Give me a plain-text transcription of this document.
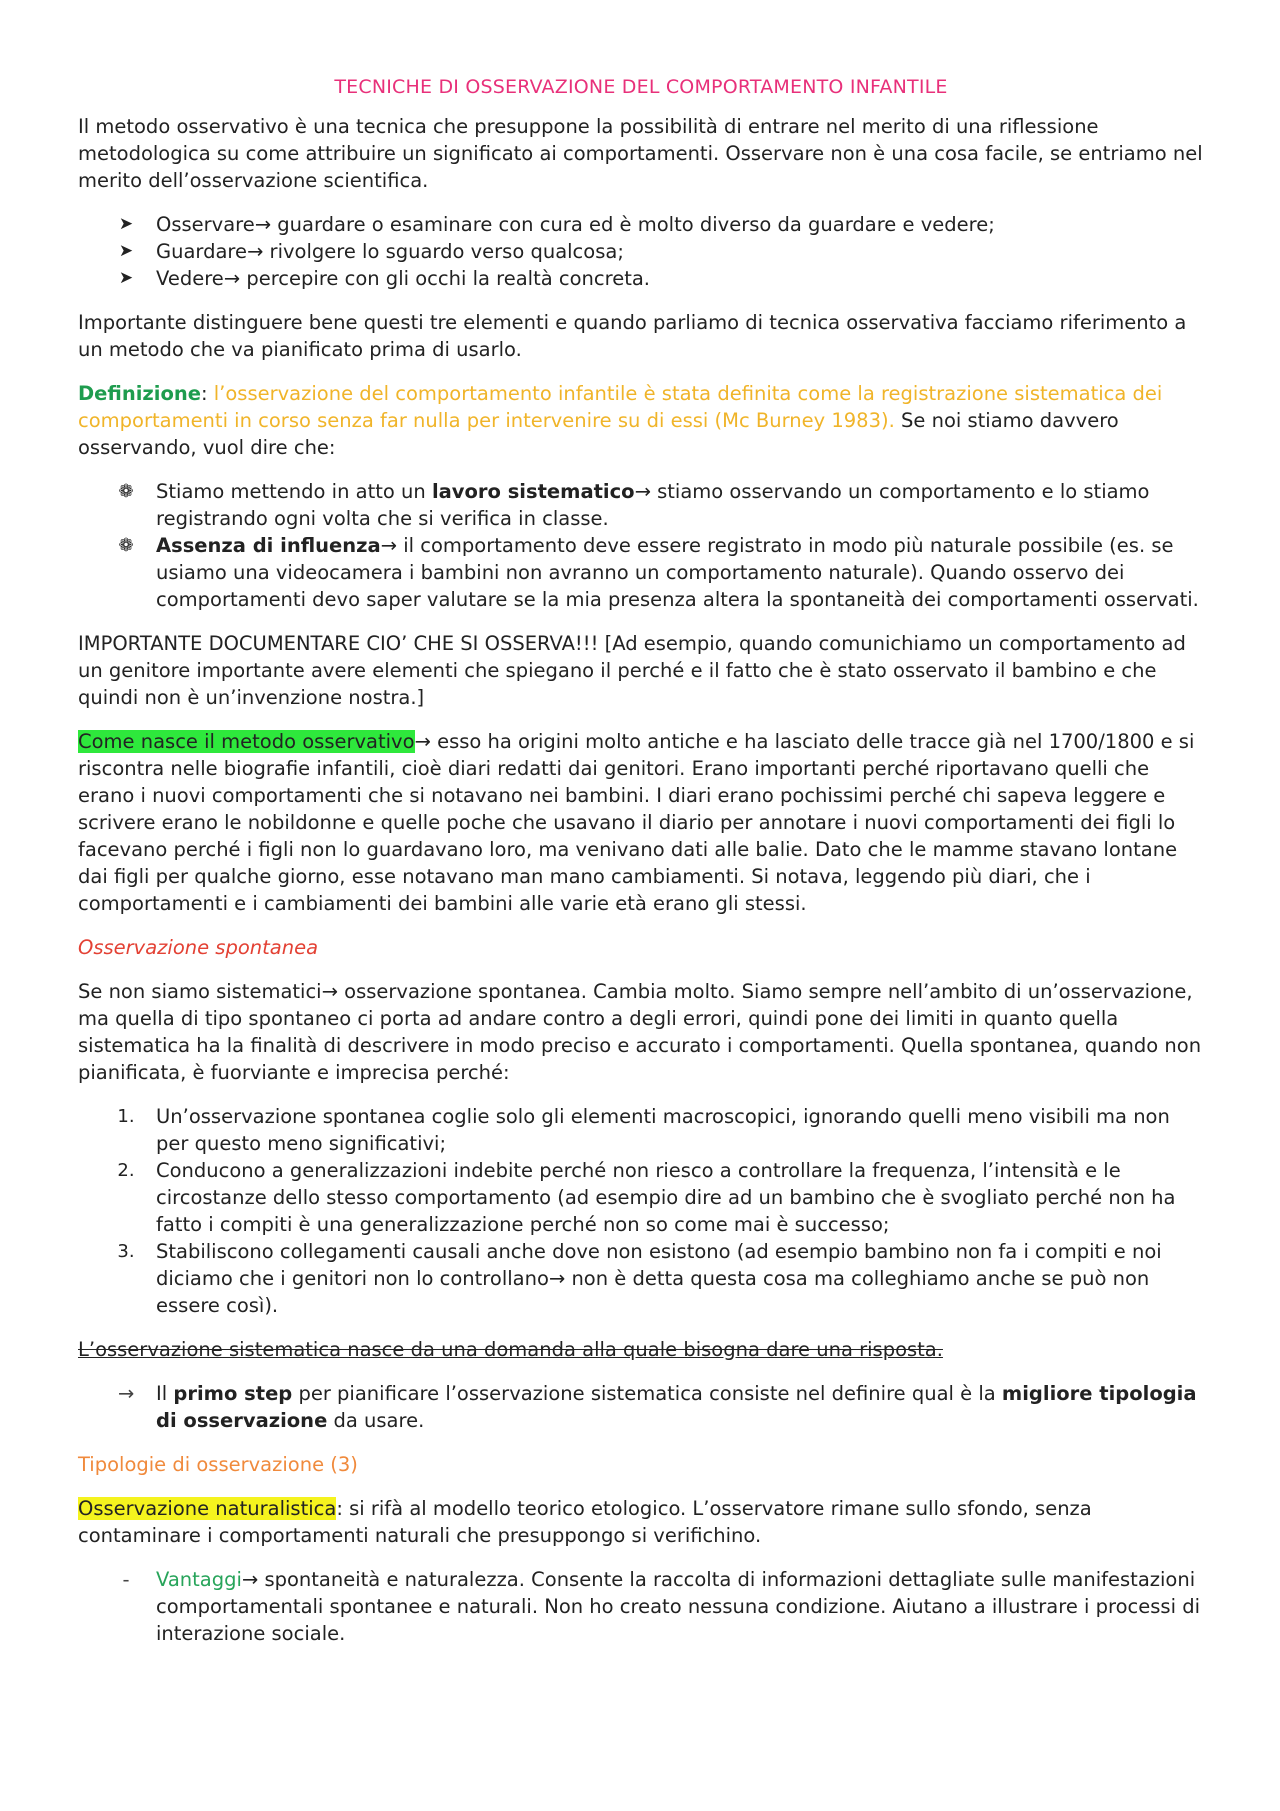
TECNICHE DI OSSERVAZIONE DEL COMPORTAMENTO INFANTILE

Il metodo osservativo è una tecnica che presuppone la possibilità di entrare nel merito di una riflessione metodologica su come attribuire un significato ai comportamenti. Osservare non è una cosa facile, se entriamo nel merito dell’osservazione scientifica.

➤ Osservare→ guardare o esaminare con cura ed è molto diverso da guardare e vedere;
➤ Guardare→ rivolgere lo sguardo verso qualcosa;
➤ Vedere→ percepire con gli occhi la realtà concreta.

Importante distinguere bene questi tre elementi e quando parliamo di tecnica osservativa facciamo riferimento a un metodo che va pianificato prima di usarlo.

Definizione: l’osservazione del comportamento infantile è stata definita come la registrazione sistematica dei comportamenti in corso senza far nulla per intervenire su di essi (Mc Burney 1983). Se noi stiamo davvero osservando, vuol dire che:

❁ Stiamo mettendo in atto un lavoro sistematico→ stiamo osservando un comportamento e lo stiamo registrando ogni volta che si verifica in classe.
❁ Assenza di influenza→ il comportamento deve essere registrato in modo più naturale possibile (es. se usiamo una videocamera i bambini non avranno un comportamento naturale). Quando osservo dei comportamenti devo saper valutare se la mia presenza altera la spontaneità dei comportamenti osservati.

IMPORTANTE DOCUMENTARE CIO’ CHE SI OSSERVA!!! [Ad esempio, quando comunichiamo un comportamento ad un genitore importante avere elementi che spiegano il perché e il fatto che è stato osservato il bambino e che quindi non è un’invenzione nostra.]

Come nasce il metodo osservativo→ esso ha origini molto antiche e ha lasciato delle tracce già nel 1700/1800 e si riscontra nelle biografie infantili, cioè diari redatti dai genitori. Erano importanti perché riportavano quelli che erano i nuovi comportamenti che si notavano nei bambini. I diari erano pochissimi perché chi sapeva leggere e scrivere erano le nobildonne e quelle poche che usavano il diario per annotare i nuovi comportamenti dei figli lo facevano perché i figli non lo guardavano loro, ma venivano dati alle balie. Dato che le mamme stavano lontane dai figli per qualche giorno, esse notavano man mano cambiamenti. Si notava, leggendo più diari, che i comportamenti e i cambiamenti dei bambini alle varie età erano gli stessi.

Osservazione spontanea

Se non siamo sistematici→ osservazione spontanea. Cambia molto. Siamo sempre nell’ambito di un’osservazione, ma quella di tipo spontaneo ci porta ad andare contro a degli errori, quindi pone dei limiti in quanto quella sistematica ha la finalità di descrivere in modo preciso e accurato i comportamenti. Quella spontanea, quando non pianificata, è fuorviante e imprecisa perché:

1. Un’osservazione spontanea coglie solo gli elementi macroscopici, ignorando quelli meno visibili ma non per questo meno significativi;
2. Conducono a generalizzazioni indebite perché non riesco a controllare la frequenza, l’intensità e le circostanze dello stesso comportamento (ad esempio dire ad un bambino che è svogliato perché non ha fatto i compiti è una generalizzazione perché non so come mai è successo;
3. Stabiliscono collegamenti causali anche dove non esistono (ad esempio bambino non fa i compiti e noi diciamo che i genitori non lo controllano→ non è detta questa cosa ma colleghiamo anche se può non essere così).

L’osservazione sistematica nasce da una domanda alla quale bisogna dare una risposta.

→ Il primo step per pianificare l’osservazione sistematica consiste nel definire qual è la migliore tipologia di osservazione da usare.

Tipologie di osservazione (3)

Osservazione naturalistica: si rifà al modello teorico etologico. L’osservatore rimane sullo sfondo, senza contaminare i comportamenti naturali che presuppongo si verifichino.

-	Vantaggi→ spontaneità e naturalezza. Consente la raccolta di informazioni dettagliate sulle manifestazioni comportamentali spontanee e naturali. Non ho creato nessuna condizione. Aiutano a illustrare i processi di interazione sociale.
